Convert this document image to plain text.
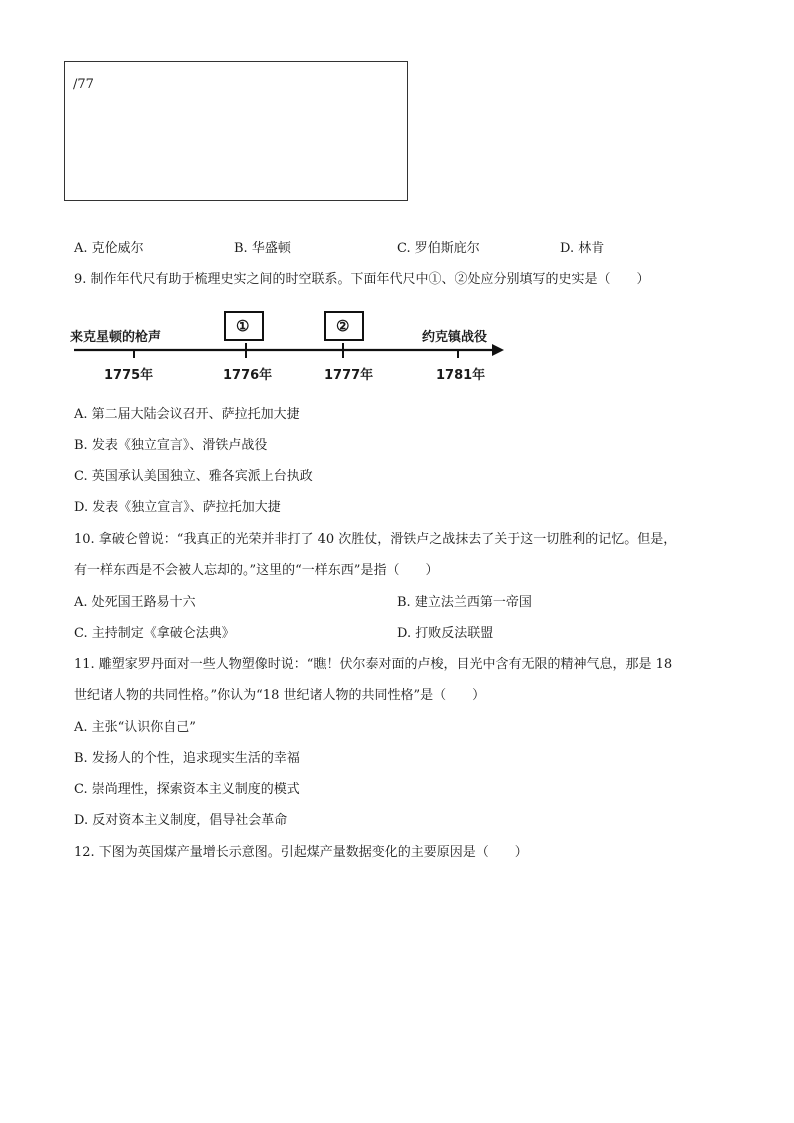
/77
A. 克伦威尔	B. 华盛顿	C. 罗伯斯庇尔	D. 林肯
9. 制作年代尺有助于梳理史实之间的时空联系。下面年代尺中①、②处应分别填写的史实是（　　）
来克星顿的枪声	约克镇战役
①	②
1775年	1776年	1777年	1781年
A. 第二届大陆会议召开、萨拉托加大捷
B. 发表《独立宣言》、滑铁卢战役
C. 英国承认美国独立、雅各宾派上台执政
D. 发表《独立宣言》、萨拉托加大捷
10. 拿破仑曾说：“我真正的光荣并非打了 40 次胜仗，滑铁卢之战抹去了关于这一切胜利的记忆。但是，
有一样东西是不会被人忘却的。”这里的“一样东西”是指（　　）
A. 处死国王路易十六	B. 建立法兰西第一帝国
C. 主持制定《拿破仑法典》	D. 打败反法联盟
11. 雕塑家罗丹面对一些人物塑像时说：“瞧！伏尔泰对面的卢梭，目光中含有无限的精神气息，那是 18
世纪诸人物的共同性格。”你认为“18 世纪诸人物的共同性格”是（　　）
A. 主张“认识你自己”
B. 发扬人的个性，追求现实生活的幸福
C. 崇尚理性，探索资本主义制度的模式
D. 反对资本主义制度，倡导社会革命
12. 下图为英国煤产量增长示意图。引起煤产量数据变化的主要原因是（　　）
